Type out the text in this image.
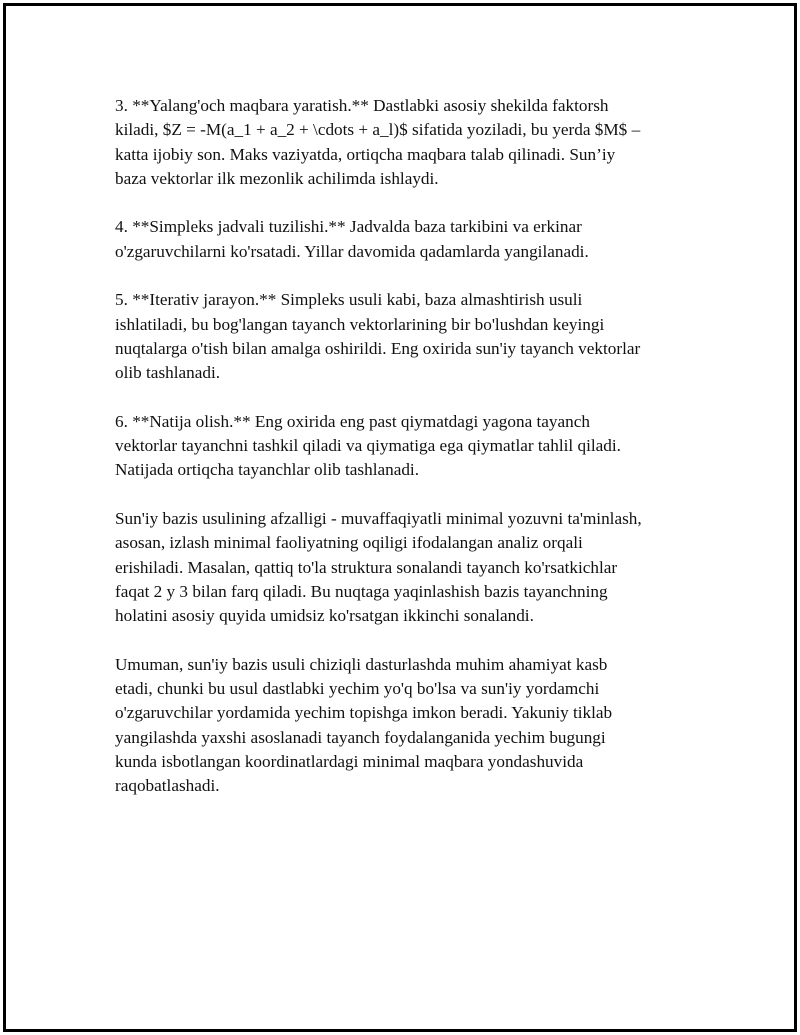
3. **Yalang'och maqbara yaratish.** Dastlabki asosiy shekilda faktorsh
kiladi, $Z = -M(a_1 + a_2 + \cdots + a_l)$ sifatida yoziladi, bu yerda $M$ –
katta ijobiy son. Maks vaziyatda, ortiqcha maqbara talab qilinadi. Sun’iy
baza vektorlar ilk mezonlik achilimda ishlaydi.

4. **Simpleks jadvali tuzilishi.** Jadvalda baza tarkibini va erkinar
o'zgaruvchilarni ko'rsatadi. Yillar davomida qadamlarda yangilanadi.

5. **Iterativ jarayon.** Simpleks usuli kabi, baza almashtirish usuli
ishlatiladi, bu bog'langan tayanch vektorlarining bir bo'lushdan keyingi
nuqtalarga o'tish bilan amalga oshirildi. Eng oxirida sun'iy tayanch vektorlar
olib tashlanadi.

6. **Natija olish.** Eng oxirida eng past qiymatdagi yagona tayanch
vektorlar tayanchni tashkil qiladi va qiymatiga ega qiymatlar tahlil qiladi.
Natijada ortiqcha tayanchlar olib tashlanadi.

Sun'iy bazis usulining afzalligi - muvaffaqiyatli minimal yozuvni ta'minlash,
asosan, izlash minimal faoliyatning oqiligi ifodalangan analiz orqali
erishiladi. Masalan, qattiq to'la struktura sonalandi tayanch ko'rsatkichlar
faqat 2 y 3 bilan farq qiladi. Bu nuqtaga yaqinlashish bazis tayanchning
holatini asosiy quyida umidsiz ko'rsatgan ikkinchi sonalandi.

Umuman, sun'iy bazis usuli chiziqli dasturlashda muhim ahamiyat kasb
etadi, chunki bu usul dastlabki yechim yo'q bo'lsa va sun'iy yordamchi
o'zgaruvchilar yordamida yechim topishga imkon beradi. Yakuniy tiklab
yangilashda yaxshi asoslanadi tayanch foydalanganida yechim bugungi
kunda isbotlangan koordinatlardagi minimal maqbara yondashuvida
raqobatlashadi.
